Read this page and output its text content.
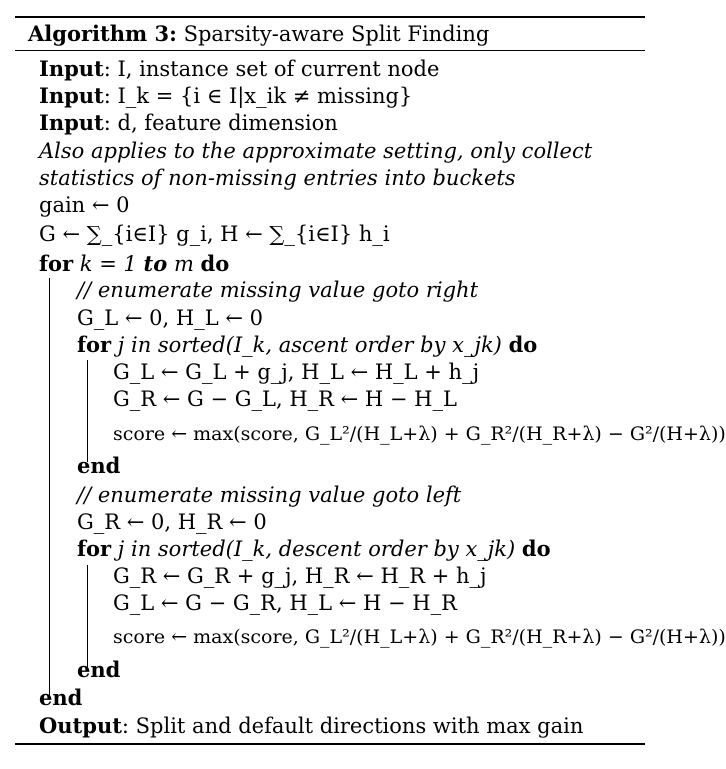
Algorithm 3: Sparsity-aware Split Finding
Input: I, instance set of current node
Input: I_k = {i ∈ I|x_ik ≠ missing}
Input: d, feature dimension
Also applies to the approximate setting, only collect
statistics of non-missing entries into buckets
gain ← 0
G ← ∑_{i∈I} g_i, H ← ∑_{i∈I} h_i
for k = 1 to m do
// enumerate missing value goto right
G_L ← 0, H_L ← 0
for j in sorted(I_k, ascent order by x_jk) do
G_L ← G_L + g_j, H_L ← H_L + h_j
G_R ← G − G_L, H_R ← H − H_L
score ← max(score, G_L²/(H_L+λ) + G_R²/(H_R+λ) − G²/(H+λ))
end
// enumerate missing value goto left
G_R ← 0, H_R ← 0
for j in sorted(I_k, descent order by x_jk) do
G_R ← G_R + g_j, H_R ← H_R + h_j
G_L ← G − G_R, H_L ← H − H_R
score ← max(score, G_L²/(H_L+λ) + G_R²/(H_R+λ) − G²/(H+λ))
end
end
Output: Split and default directions with max gain
